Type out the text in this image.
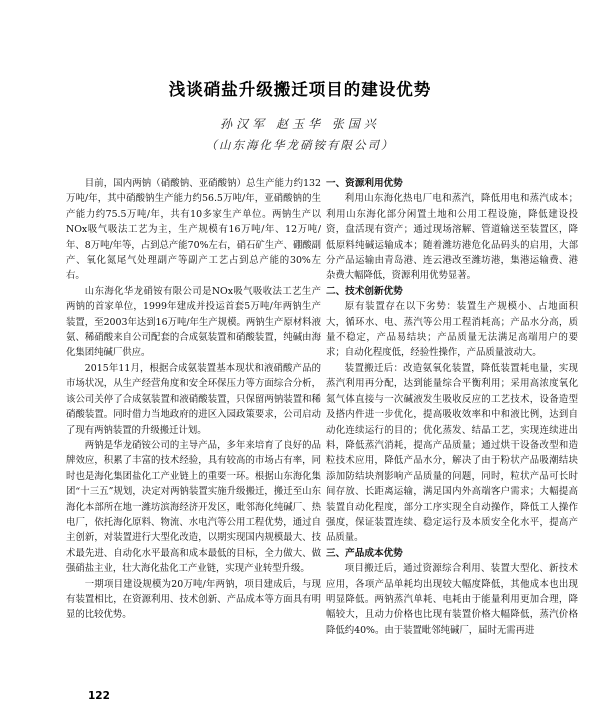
浅谈硝盐升级搬迁项目的建设优势
孙汉军 赵玉华 张国兴
（山东海化华龙硝铵有限公司）

目前，国内两钠（硝酸钠、亚硝酸钠）总生产能力约132万吨/年，其中硝酸钠生产能力约56.5万吨/年，亚硝酸钠的生产能力约75.5万吨/年，共有10多家生产单位。两钠生产以NOx吸气吸法工艺为主，生产规模有16万吨/年、12万吨/年、8万吨/年等，占到总产能70%左右，硝石矿生产、硼酸副产、氧化氮尾气处理副产等副产工艺占到总产能的30%左右。

山东海化华龙硝铵有限公司是NOx吸气吸收法工艺生产两钠的首家单位，1999年建成并投运首套5万吨/年两钠生产装置，至2003年达到16万吨/年生产规模。两钠生产原材料液氨、稀硝酸来自公司配套的合成氨装置和硝酸装置，纯碱由海化集团纯碱厂供应。

2015年11月，根据合成氨装置基本现状和液硝酸产品的市场状况，从生产经营角度和安全环保压力等方面综合分析，该公司关停了合成氨装置和液硝酸装置，只保留两钠装置和稀硝酸装置。同时借力当地政府的进区入园政策要求，公司启动了现有两钠装置的升级搬迁计划。

两钠是华龙硝铵公司的主导产品，多年来培育了良好的品牌效应，积累了丰富的技术经验，具有较高的市场占有率，同时也是海化集团盐化工产业链上的重要一环。根据山东海化集团“十三五”规划，决定对两钠装置实施升级搬迁，搬迁至山东海化本部所在地一潍坊滨海经济开发区，毗邻海化纯碱厂、热电厂，依托海化原料、物流、水电汽等公用工程优势，通过自主创新，对装置进行大型化改造，以期实现国内规模最大、技术最先进、自动化水平最高和成本最低的目标，全力做大、做强硝盐主业，壮大海化盐化工产业链，实现产业转型升级。

一期项目建设规模为20万吨/年两钠，项目建成后，与现有装置相比，在资源利用、技术创新、产品成本等方面具有明显的比较优势。

一、资源利用优势

利用山东海化热电厂电和蒸汽，降低用电和蒸汽成本；利用山东海化部分闲置土地和公用工程设施，降低建设投资，盘活现有资产；通过现场溶解、管道输送至装置区，降低原料纯碱运输成本；随着潍坊港危化品码头的启用，大部分产品运输由青岛港、连云港改至潍坊港，集港运输费、港杂费大幅降低，资源利用优势显著。

二、技术创新优势

原有装置存在以下劣势：装置生产规模小、占地面积大，循环水、电、蒸汽等公用工程消耗高；产品水分高，质量不稳定，产品易结块；产品质量无法满足高端用户的要求；自动化程度低，经验性操作，产品质量波动大。

装置搬迁后：改造氨氧化装置，降低装置耗电量，实现蒸汽利用再分配，达到能量综合平衡利用；采用高浓度氧化氮气体直接与一次碱液发生吸收反应的工艺技术，设备造型及搭内件进一步优化，提高吸收效率和中和液比例，达到自动化连续运行的目的；优化蒸发、结晶工艺，实现连续进出料，降低蒸汽消耗，提高产品质量；通过烘干设备改型和造粒技术应用，降低产品水分，解决了由于粉状产品吸潮结块添加防结块剂影响产品质量的问题，同时，粒状产品可长时间存放、长距离运输，满足国内外高端客户需求；大幅提高装置自动化程度，部分工序实现全自动操作，降低工人操作强度，保证装置连续、稳定运行及本质安全化水平，提高产品质量。

三、产品成本优势

项目搬迁后，通过资源综合利用、装置大型化、新技术应用，各项产品单耗均出现较大幅度降低，其他成本也出现明显降低。两钠蒸汽单耗、电耗由于能量利用更加合理，降幅较大，且动力价格也比现有装置价格大幅降低，蒸汽价格降低约40%。由于装置毗邻纯碱厂，届时无需再进

122
